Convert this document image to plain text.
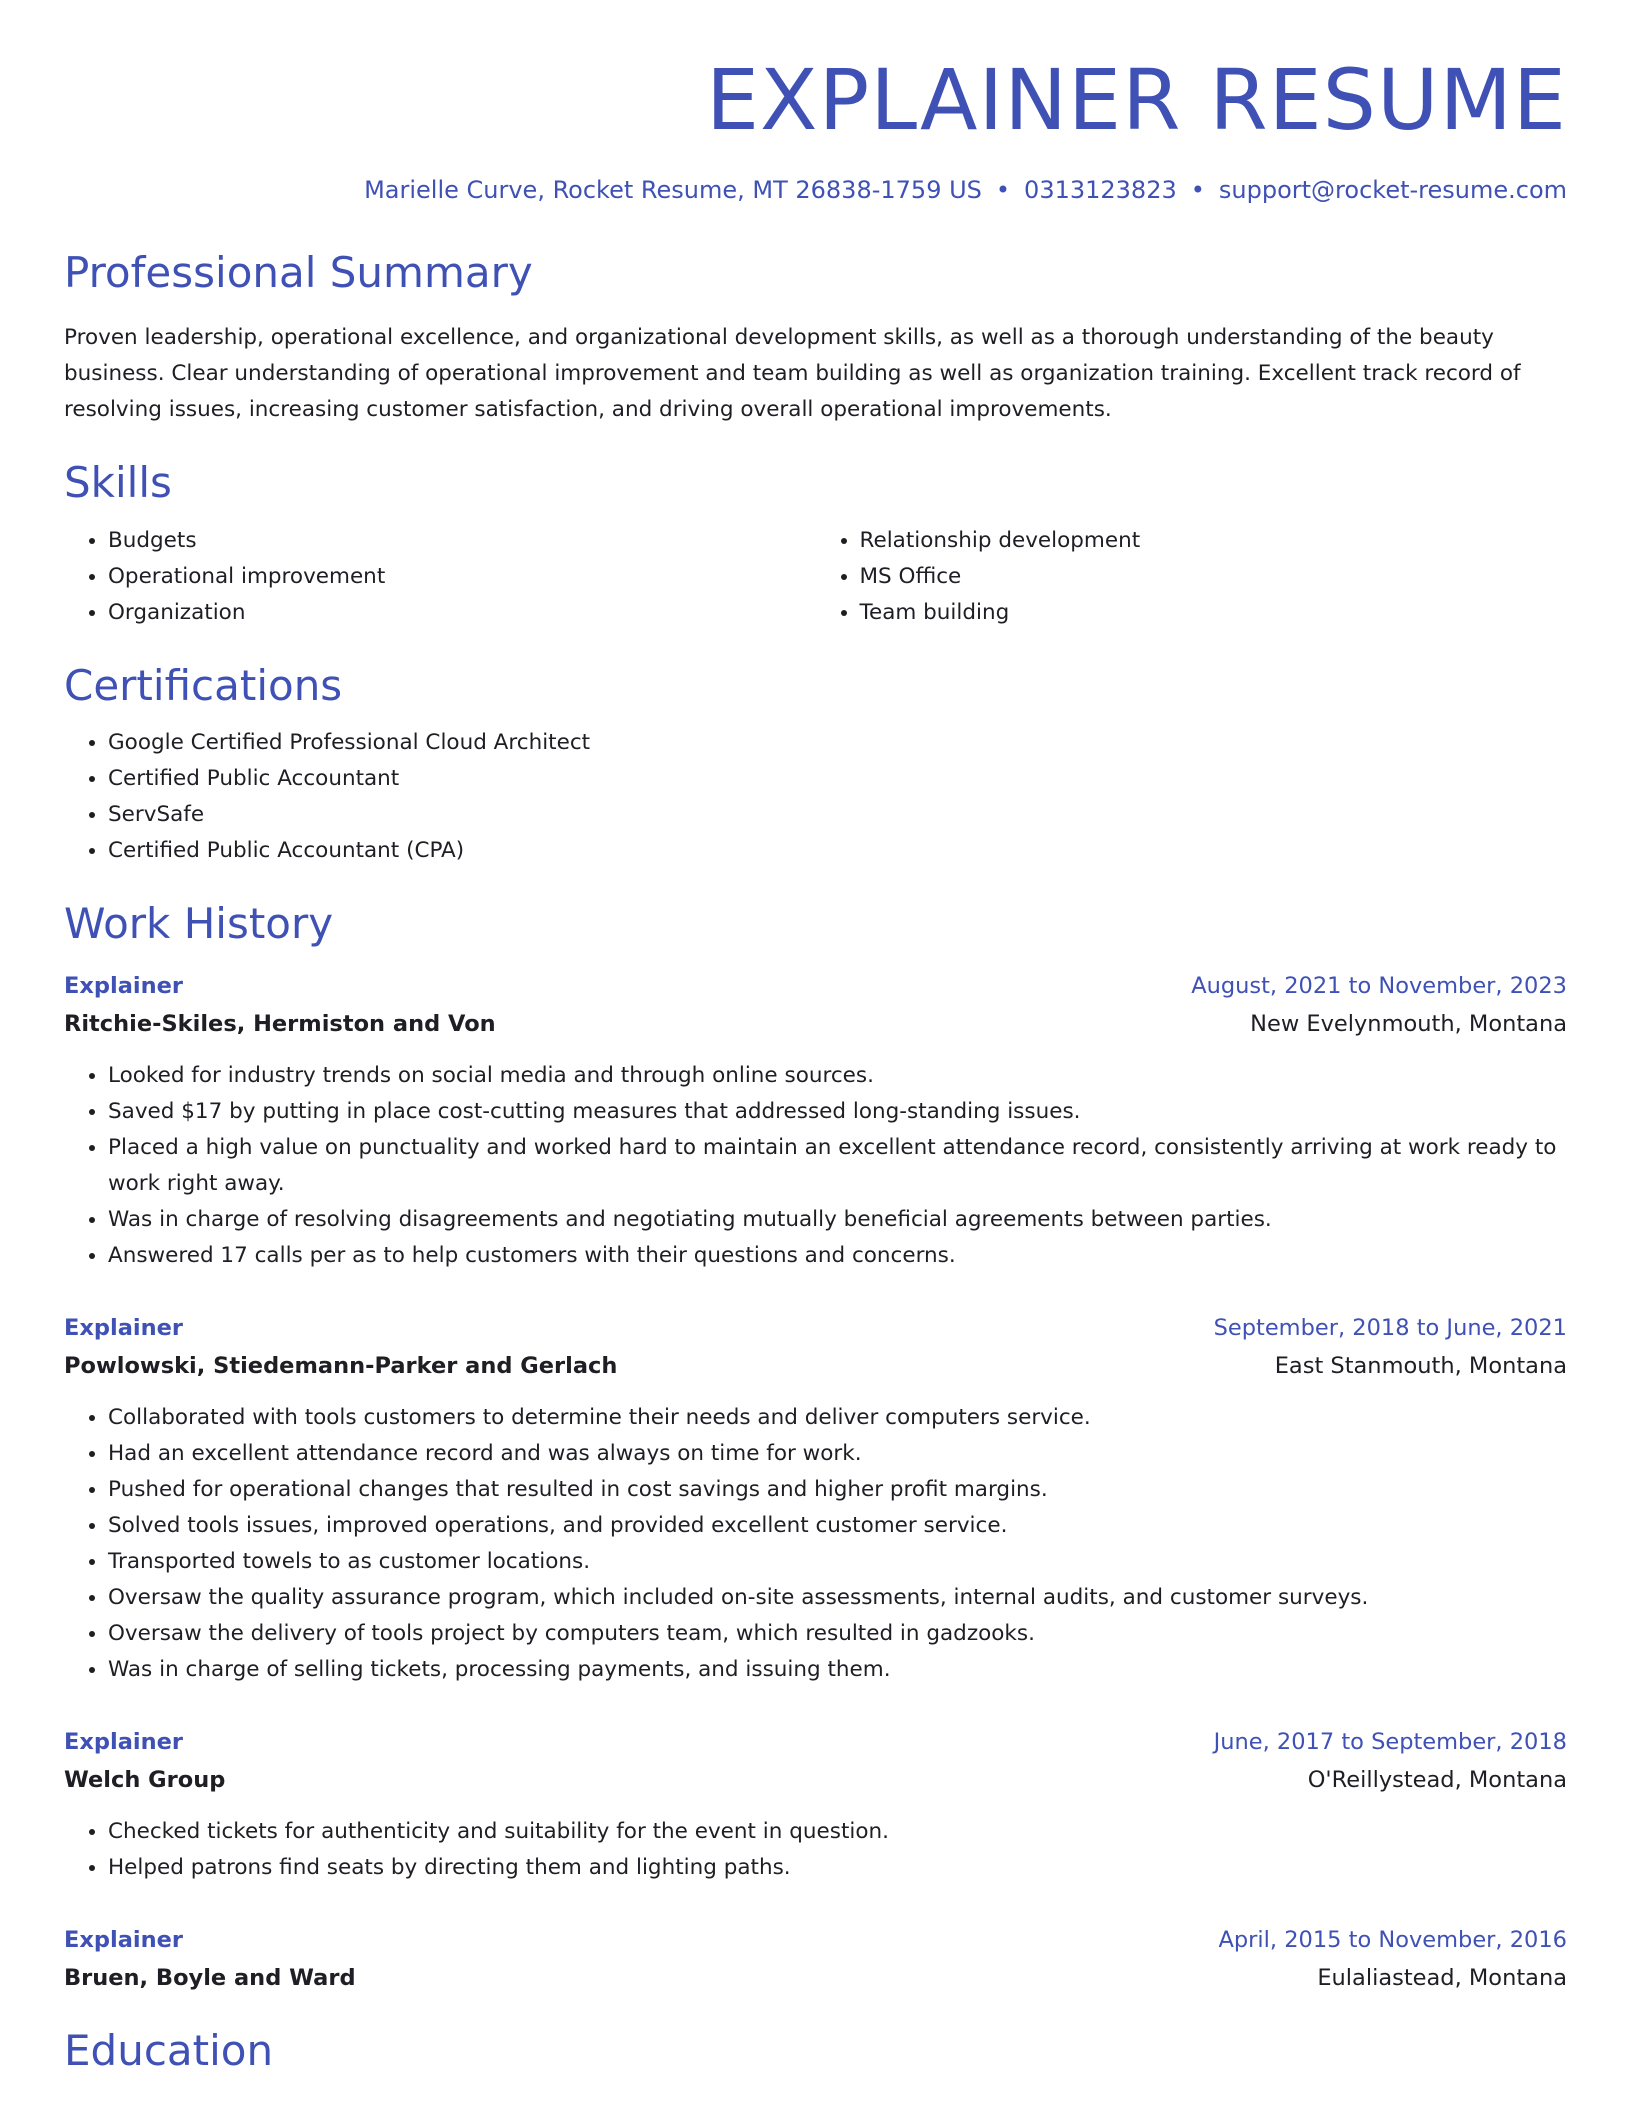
EXPLAINER RESUME
Marielle Curve, Rocket Resume, MT 26838-1759 US • 0313123823 • support@rocket-resume.com
Professional Summary
Proven leadership, operational excellence, and organizational development skills, as well as a thorough understanding of the beauty business. Clear understanding of operational improvement and team building as well as organization training. Excellent track record of resolving issues, increasing customer satisfaction, and driving overall operational improvements.
Skills
• Budgets
• Operational improvement
• Organization
• Relationship development
• MS Office
• Team building
Certifications
• Google Certified Professional Cloud Architect
• Certified Public Accountant
• ServSafe
• Certified Public Accountant (CPA)
Work History
Explainer	August, 2021 to November, 2023
Ritchie-Skiles, Hermiston and Von	New Evelynmouth, Montana
• Looked for industry trends on social media and through online sources.
• Saved $17 by putting in place cost-cutting measures that addressed long-standing issues.
• Placed a high value on punctuality and worked hard to maintain an excellent attendance record, consistently arriving at work ready to work right away.
• Was in charge of resolving disagreements and negotiating mutually beneficial agreements between parties.
• Answered 17 calls per as to help customers with their questions and concerns.
Explainer	September, 2018 to June, 2021
Powlowski, Stiedemann-Parker and Gerlach	East Stanmouth, Montana
• Collaborated with tools customers to determine their needs and deliver computers service.
• Had an excellent attendance record and was always on time for work.
• Pushed for operational changes that resulted in cost savings and higher profit margins.
• Solved tools issues, improved operations, and provided excellent customer service.
• Transported towels to as customer locations.
• Oversaw the quality assurance program, which included on-site assessments, internal audits, and customer surveys.
• Oversaw the delivery of tools project by computers team, which resulted in gadzooks.
• Was in charge of selling tickets, processing payments, and issuing them.
Explainer	June, 2017 to September, 2018
Welch Group	O'Reillystead, Montana
• Checked tickets for authenticity and suitability for the event in question.
• Helped patrons find seats by directing them and lighting paths.
Explainer	April, 2015 to November, 2016
Bruen, Boyle and Ward	Eulaliastead, Montana
Education
